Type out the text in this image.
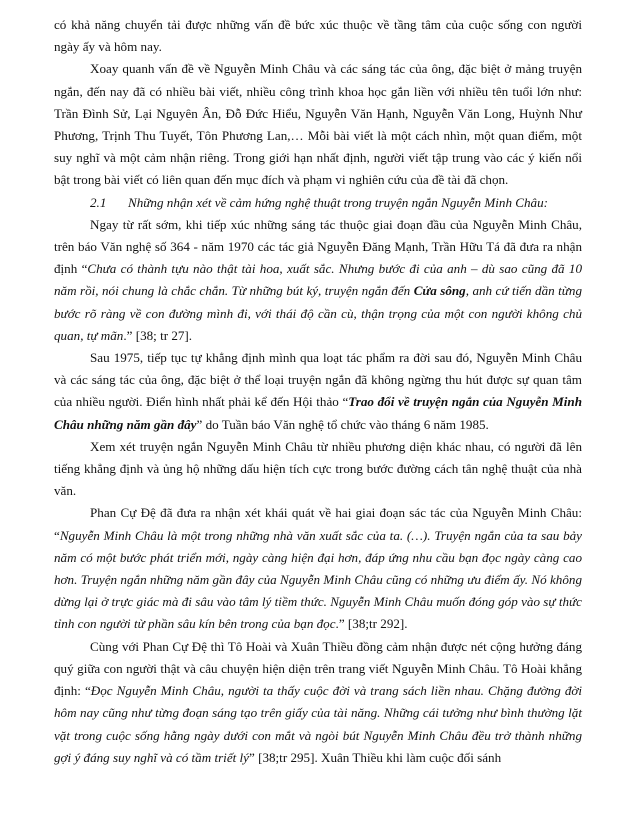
có khả năng chuyển tải được những vấn đề bức xúc thuộc về tầng tâm của cuộc sống con người ngày ấy và hôm nay.

Xoay quanh vấn đề về Nguyễn Minh Châu và các sáng tác của ông, đặc biệt ở mảng truyện ngắn, đến nay đã có nhiều bài viết, nhiều công trình khoa học gắn liền với nhiều tên tuổi lớn như: Trần Đình Sử, Lại Nguyên Ân, Đỗ Đức Hiểu, Nguyễn Văn Hạnh, Nguyễn Văn Long, Huỳnh Như Phương, Trịnh Thu Tuyết, Tôn Phương Lan,… Mỗi bài viết là một cách nhìn, một quan điểm, một suy nghĩ và một cảm nhận riêng. Trong giới hạn nhất định, người viết tập trung vào các ý kiến nổi bật trong bài viết có liên quan đến mục đích và phạm vi nghiên cứu của đề tài đã chọn.

2.1 Những nhận xét về cảm hứng nghệ thuật trong truyện ngắn Nguyễn Minh Châu:

Ngay từ rất sớm, khi tiếp xúc những sáng tác thuộc giai đoạn đầu của Nguyễn Minh Châu, trên báo Văn nghệ số 364 - năm 1970 các tác giả Nguyễn Đăng Mạnh, Trần Hữu Tá đã đưa ra nhận định “Chưa có thành tựu nào thật tài hoa, xuất sắc. Nhưng bước đi của anh – dù sao cũng đã 10 năm rồi, nói chung là chắc chắn. Từ những bút ký, truyện ngắn đến Cửa sông, anh cứ tiến dần từng bước rõ ràng về con đường mình đi, với thái độ cần cù, thận trọng của một con người không chủ quan, tự mãn.” [38; tr 27].

Sau 1975, tiếp tục tự khẳng định mình qua loạt tác phẩm ra đời sau đó, Nguyễn Minh Châu và các sáng tác của ông, đặc biệt ở thể loại truyện ngắn đã không ngừng thu hút được sự quan tâm của nhiều người. Điển hình nhất phải kể đến Hội thảo “Trao đổi về truyện ngắn của Nguyễn Minh Châu những năm gần đây” do Tuần báo Văn nghệ tổ chức vào tháng 6 năm 1985.

Xem xét truyện ngắn Nguyễn Minh Châu từ nhiều phương diện khác nhau, có người đã lên tiếng khẳng định và ủng hộ những dấu hiện tích cực trong bước đường cách tân nghệ thuật của nhà văn.

Phan Cự Đệ đã đưa ra nhận xét khái quát về hai giai đoạn sác tác của Nguyễn Minh Châu: “Nguyễn Minh Châu là một trong những nhà văn xuất sắc của ta. (…). Truyện ngắn của ta sau bảy năm có một bước phát triển mới, ngày càng hiện đại hơn, đáp ứng nhu cầu bạn đọc ngày càng cao hơn. Truyện ngắn những năm gần đây của Nguyễn Minh Châu cũng có những ưu điểm ấy. Nó không dừng lại ở trực giác mà đi sâu vào tâm lý tiềm thức. Nguyễn Minh Châu muốn đóng góp vào sự thức tỉnh con người từ phần sâu kín bên trong của bạn đọc.” [38;tr 292].

Cùng với Phan Cự Đệ thì Tô Hoài và Xuân Thiều đồng cảm nhận được nét cộng hưởng đáng quý giữa con người thật và câu chuyện hiện diện trên trang viết Nguyễn Minh Châu. Tô Hoài khẳng định: “Đọc Nguyễn Minh Châu, người ta thấy cuộc đời và trang sách liền nhau. Chặng đường đời hôm nay cũng như từng đoạn sáng tạo trên giấy của tài năng. Những cái tưởng như bình thường lặt vặt trong cuộc sống hằng ngày dưới con mắt và ngòi bút Nguyễn Minh Châu đều trở thành những gợi ý đáng suy nghĩ và có tầm triết lý” [38;tr 295]. Xuân Thiều khi làm cuộc đối sánh
